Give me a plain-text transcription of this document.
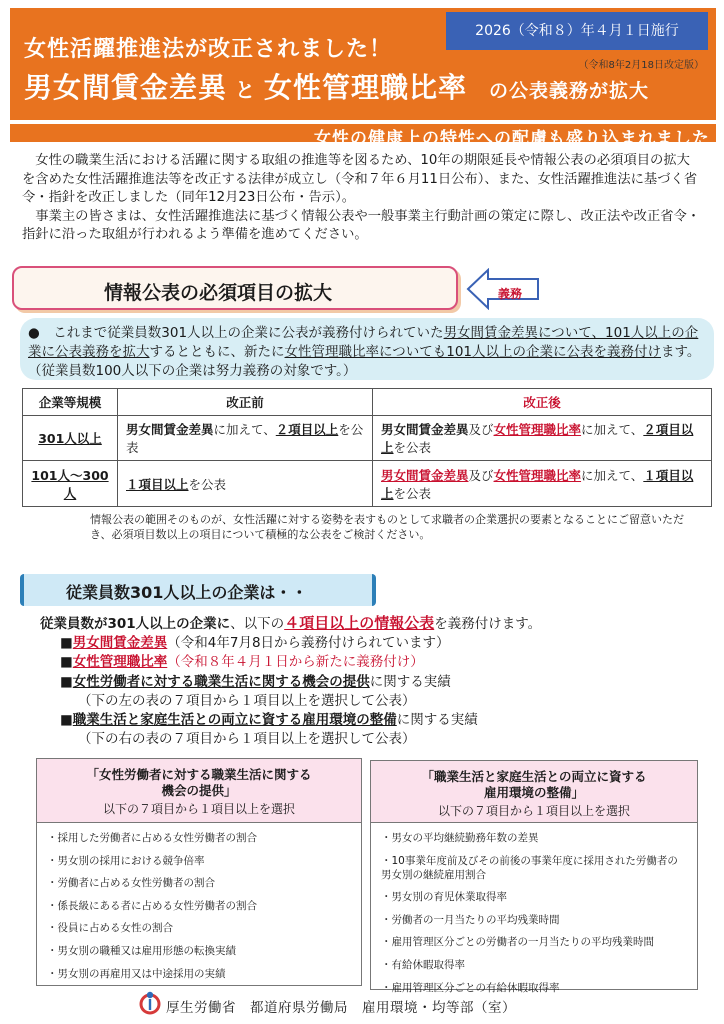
女性活躍推進法が改正されました！
男女間賃金差異 と 女性管理職比率 の公表義務が拡大
2026（令和８）年４月１日施行
（令和8年2月18日改定版）
女性の健康上の特性への配慮も盛り込まれました

女性の職業生活における活躍に関する取組の推進等を図るため、10年の期限延長や情報公表の必須項目の拡大を含めた女性活躍推進法等を改正する法律が成立し（令和７年６月11日公布）、また、女性活躍推進法に基づく省令・指針を改正しました（同年12月23日公布・告示）。

事業主の皆さまは、女性活躍推進法に基づく情報公表や一般事業主行動計画の策定に際し、改正法や改正省令・指針に沿った取組が行われるよう準備を進めてください。

情報公表の必須項目の拡大	義務
●　これまで従業員数301人以上の企業に公表が義務付けられていた男女間賃金差異について、101人以上の企業に公表義務を拡大するとともに、新たに女性管理職比率についても101人以上の企業に公表を義務付けます。（従業員数100人以下の企業は努力義務の対象です。）
企業等規模	改正前	改正後
301人以上	男女間賃金差異に加えて、２項目以上を公表	男女間賃金差異及び女性管理職比率に加えて、２項目以上を公表
101人～300人	１項目以上を公表	男女間賃金差異及び女性管理職比率に加えて、１項目以上を公表
情報公表の範囲そのものが、女性活躍に対する姿勢を表すものとして求職者の企業選択の要素となることにご留意いただき、必須項目数以上の項目について積極的な公表をご検討ください。
従業員数301人以上の企業は・・
従業員数が301人以上の企業に、以下の４項目以上の情報公表を義務付けます。
■男女間賃金差異（令和4年7月8日から義務付けられています）
■女性管理職比率（令和８年４月１日から新たに義務付け）
■女性労働者に対する職業生活に関する機会の提供に関する実績
（下の左の表の７項目から１項目以上を選択して公表）
■職業生活と家庭生活との両立に資する雇用環境の整備に関する実績
（下の右の表の７項目から１項目以上を選択して公表）
「女性労働者に対する職業生活に関する
機会の提供」
以下の７項目から１項目以上を選択
・採用した労働者に占める女性労働者の割合
・男女別の採用における競争倍率
・労働者に占める女性労働者の割合
・係長級にある者に占める女性労働者の割合
・役員に占める女性の割合
・男女別の職種又は雇用形態の転換実績
・男女別の再雇用又は中途採用の実績
「職業生活と家庭生活との両立に資する
雇用環境の整備」
以下の７項目から１項目以上を選択
・男女の平均継続勤務年数の差異
・10事業年度前及びその前後の事業年度に採用された労働者の男女別の継続雇用割合
・男女別の育児休業取得率
・労働者の一月当たりの平均残業時間
・雇用管理区分ごとの労働者の一月当たりの平均残業時間
・有給休暇取得率
・雇用管理区分ごとの有給休暇取得率
厚生労働省　都道府県労働局　雇用環境・均等部（室）
